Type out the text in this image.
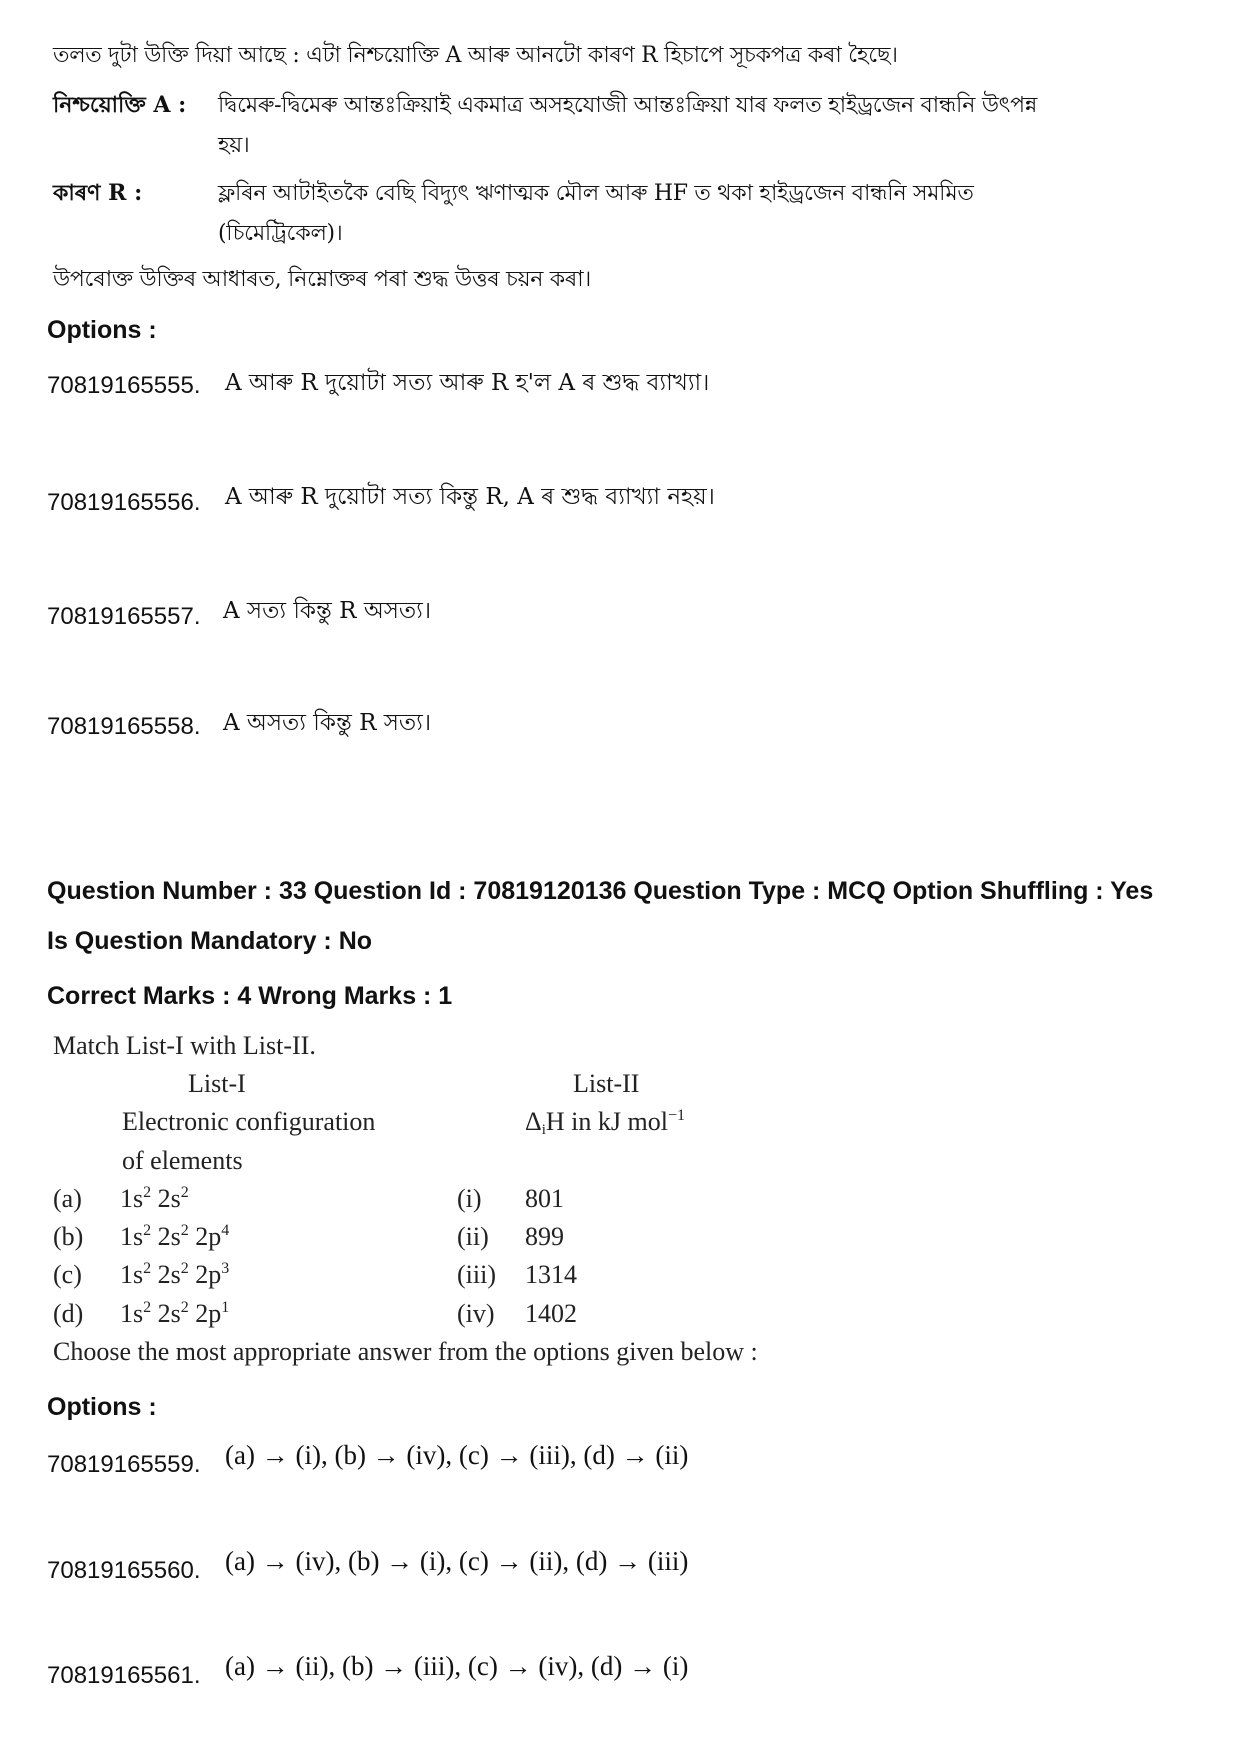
তলত দুটা উক্তি দিয়া আছে : এটা নিশ্চয়োক্তি A আৰু আনটো কাৰণ R হিচাপে সূচকপত্ৰ কৰা হৈছে।
নিশ্চয়োক্তি A : দ্বিমেৰু-দ্বিমেৰু আন্তঃক্ৰিয়াই একমাত্ৰ অসহযোজী আন্তঃক্ৰিয়া যাৰ ফলত হাইড্ৰজেন বান্ধনি উৎপন্ন
হয়।
কাৰণ R :	ফ্লৰিন আটাইতকৈ বেছি বিদ্যুৎ ঋণাত্মক মৌল আৰু HF ত থকা হাইড্ৰজেন বান্ধনি সমমিত
(চিমেট্ৰিকেল)।
উপৰোক্ত উক্তিৰ আধাৰত, নিম্নোক্তৰ পৰা শুদ্ধ উত্তৰ চয়ন কৰা।
Options :
70819165555. A আৰু R দুয়োটা সত্য আৰু R হ'ল A ৰ শুদ্ধ ব্যাখ্যা।
70819165556. A আৰু R দুয়োটা সত্য কিন্তু R, A ৰ শুদ্ধ ব্যাখ্যা নহয়।
70819165557. A সত্য কিন্তু R অসত্য।
70819165558. A অসত্য কিন্তু R সত্য।
Question Number : 33 Question Id : 70819120136 Question Type : MCQ Option Shuffling : Yes
Is Question Mandatory : No
Correct Marks : 4 Wrong Marks : 1
Match List-I with List-II.
List-I	List-II
Electronic configuration
of elements
$\Delta_iH$ in kJ mol$^{-1}$
(a) $1s^2$ $2s^2$	(i) 801
(b) $1s^2$ $2s^2$ $2p^4$	(ii) 899
(c) $1s^2$ $2s^2$ $2p^3$	(iii) 1314
(d) $1s^2$ $2s^2$ $2p^1$	(iv) 1402
Choose the most appropriate answer from the options given below :
Options :
70819165559. (a) → (i), (b) → (iv), (c) → (iii), (d) → (ii)
70819165560. (a) → (iv), (b) → (i), (c) → (ii), (d) → (iii)
70819165561. (a) → (ii), (b) → (iii), (c) → (iv), (d) → (i)
